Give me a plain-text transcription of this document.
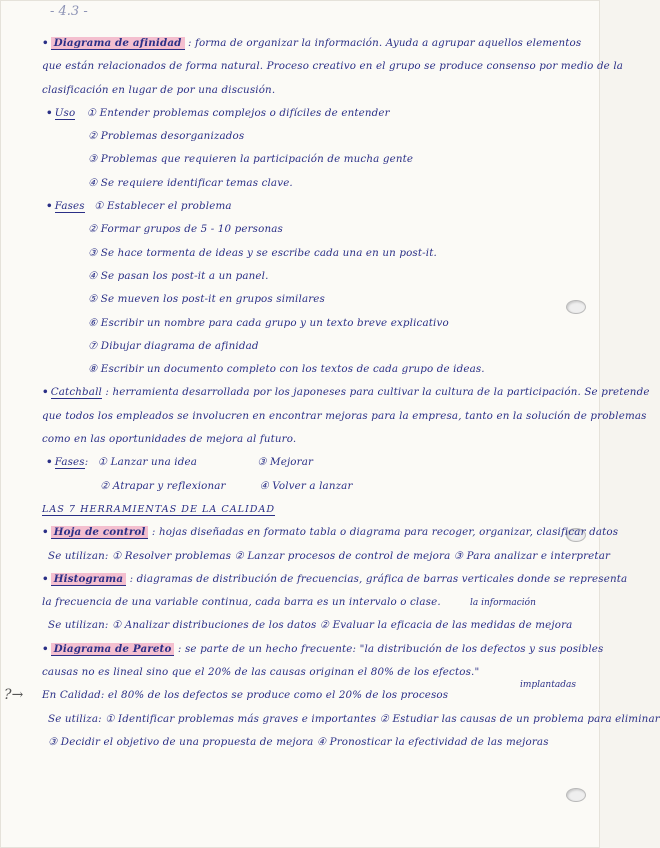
- 4.3 -
• Diagrama de afinidad : forma de organizar la información. Ayuda a agrupar aquellos elementos
que están relacionados de forma natural. Proceso creativo en el grupo se produce consenso por medio de la
clasificación en lugar de por una discusión.
• Uso ① Entender problemas complejos o difíciles de entender
② Problemas desorganizados
③ Problemas que requieren la participación de mucha gente
④ Se requiere identificar temas clave.
• Fases ① Establecer el problema
② Formar grupos de 5 - 10 personas
③ Se hace tormenta de ideas y se escribe cada una en un post-it.
④ Se pasan los post-it a un panel.
⑤ Se mueven los post-it en grupos similares
⑥ Escribir un nombre para cada grupo y un texto breve explicativo
⑦ Dibujar diagrama de afinidad
⑧ Escribir un documento completo con los textos de cada grupo de ideas.
• Catchball : herramienta desarrollada por los japoneses para cultivar la cultura de la participación. Se pretende
que todos los empleados se involucren en encontrar mejoras para la empresa, tanto en la solución de problemas
como en las oportunidades de mejora al futuro.
• Fases: ① Lanzar una idea	③ Mejorar
② Atrapar y reflexionar	④ Volver a lanzar
LAS 7 HERRAMIENTAS DE LA CALIDAD
• Hoja de control : hojas diseñadas en formato tabla o diagrama para recoger, organizar, clasificar datos
Se utilizan: ① Resolver problemas ② Lanzar procesos de control de mejora ③ Para analizar e interpretar
• Histograma : diagramas de distribución de frecuencias, gráfica de barras verticales donde se representa
la frecuencia de una variable continua, cada barra es un intervalo o clase.
Se utilizan: ① Analizar distribuciones de los datos ② Evaluar la eficacia de las medidas de mejora
• Diagrama de Pareto : se parte de un hecho frecuente: "la distribución de los defectos y sus posibles
causas no es lineal sino que el 20% de las causas originan el 80% de los efectos."
?→ En Calidad: el 80% de los defectos se produce como el 20% de los procesos
Se utiliza: ① Identificar problemas más graves e importantes ② Estudiar las causas de un problema para eliminar
③ Decidir el objetivo de una propuesta de mejora ④ Pronosticar la efectividad de las mejoras
la información
implantadas
